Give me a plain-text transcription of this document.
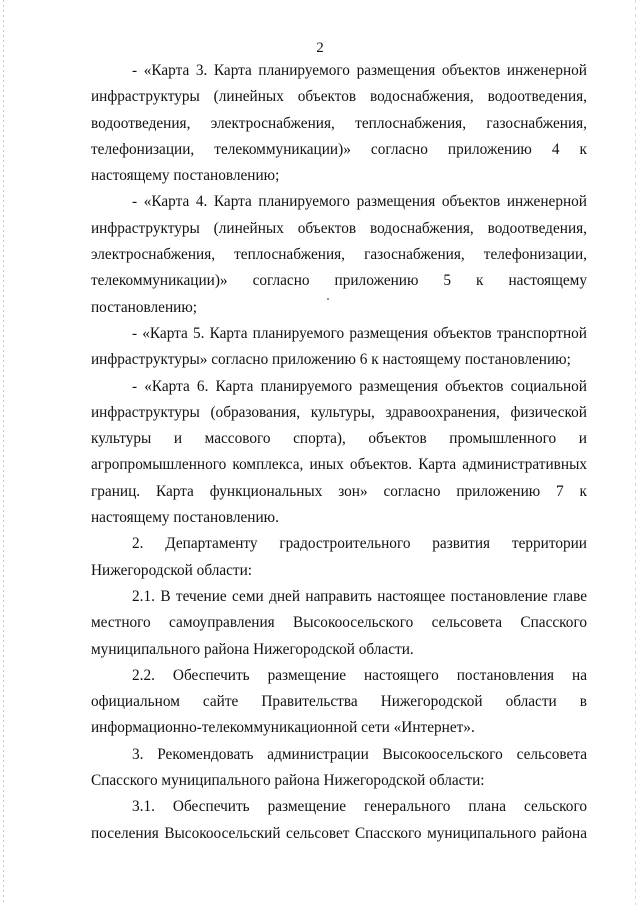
2

- «Карта 3. Карта планируемого размещения объектов инженерной

инфраструктуры (линейных объектов водоснабжения, водоотведения,

водоотведения, электроснабжения, теплоснабжения, газоснабжения,

телефонизации, телекоммуникации)» согласно приложению 4 к

настоящему постановлению;

- «Карта 4. Карта планируемого размещения объектов инженерной

инфраструктуры (линейных объектов водоснабжения, водоотведения,

электроснабжения, теплоснабжения, газоснабжения, телефонизации,

телекоммуникации)» согласно приложению 5 к настоящему

постановлению;

- «Карта 5. Карта планируемого размещения объектов транспортной

инфраструктуры» согласно приложению 6 к настоящему постановлению;

- «Карта 6. Карта планируемого размещения объектов социальной

инфраструктуры (образования, культуры, здравоохранения, физической

культуры и массового спорта), объектов промышленного и

агропромышленного комплекса, иных объектов. Карта административных

границ. Карта функциональных зон» согласно приложению 7 к

настоящему постановлению.

2. Департаменту градостроительного развития территории

Нижегородской области:

2.1. В течение семи дней направить настоящее постановление главе

местного самоуправления Высокоосельского сельсовета Спасского

муниципального района Нижегородской области.

2.2. Обеспечить размещение настоящего постановления на

официальном сайте Правительства Нижегородской области в

информационно-телекоммуникационной сети «Интернет».

3. Рекомендовать администрации Высокоосельского сельсовета

Спасского муниципального района Нижегородской области:

3.1. Обеспечить размещение генерального плана сельского

поселения Высокоосельский сельсовет Спасского муниципального района
